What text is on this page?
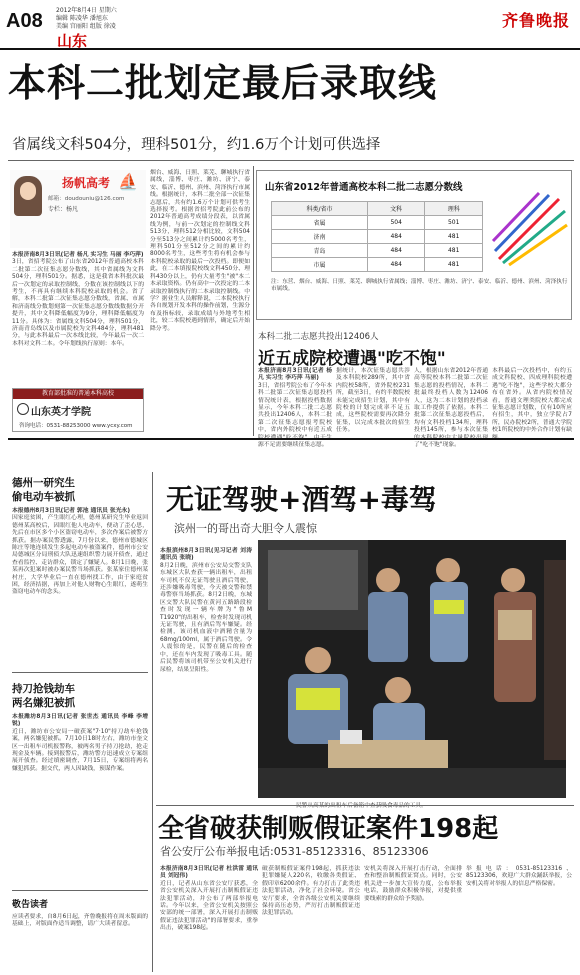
A08 2012年8月4日 星期六
编辑 陈凌华 潘旭东
美编 宫丽阳 组版 徐凌
山东
齐鲁晚报
本科二批划定最后录取线
省属线文科504分，理科501分，约1.6万个计划可供选择
扬帆高考 ⛵
邮箱：doudouniu@126.com
专栏：杨凡
本报济南8月3日讯(记者 杨凡 实习生 马丽 李巧萍)
3日，省招考院公布了山东省2012年普通高校本科二批第二次征集志愿分数线，其中省属线为文科504分，理科501分。据悉，这是我省本科批次最后一次划定的录取控制线，分数在该控制线以下的考生，不再具有继续本科院校录取的机会。省了解，本科二批第二次征集志愿分数线，省属、市属和济南线分数划刻第一次征集志愿分数线数据分开提升，其中文科降低幅度为9分，理科降低幅度为11分。具体为：省属线文科504分，理科501分，济南青岛线以及市属院校为文科484分，理科481分，与此本科最后一次本线比较，今年最后一次二本科对文科二本。令年划线执行原则：本年。
教育部批准的普通本科高校
山东英才学院
咨询电话：0531-88253000 www.ycxy.com
烟台、威海、日照、莱芜、聊城执行省属线，淄博、枣庄、潍坊、济宁、泰安、临沂、德州、滨州、菏泽执行市属线。根据统计，本科二批全部一次征集志愿后，共有约1.6万个计划可供考生选择报考。根据省招考院此前公布的2012年普通高考成绩分段表，以省属线为例，与前一次划定的控制线文科513分，理科512分相比较，文科504分至513分之间累计约5000名考生，理科501分至512分之间的累计约8000名考生，这些考生将有机会参与本科院校录取的最后一次投档。即便如此，在二本填报院校线文科450分、理科430分以上，仍有大量考生"被"本二本录取资格。仍有高中一次投定的二本录取控制线执行的二本录取控制线。中学？据业生人员解释说，二本院校执行各自规划开发本科的操作前划，生源分布及指标较，录取成绩与外地考生相比，较二本院校遇到情形，确定后开始降分考。
山东省2012年普通高校本科二批二志愿分数线
科类/省市	文科	理科
省属	504	501
济南	484	481
青岛	484	481
市属	484	481
注：东营、烟台、威海、日照、莱芜、聊城执行省属线；淄博、枣庄、潍坊、济宁、泰安、临沂、德州、滨州、菏泽执行市属线。
本科二批二志愿共投出12406人
近五成院校遭遇"吃不饱"
本报济南8月3日讯(记者 杨凡 实习生 李巧萍 马丽)
3日，省招考院公布了今年本科二批第二次征集志愿投档情况统计表，根据投档数据显示，今年本科二批二志愿共投出12406人，本科二批第二次征集志愿报考院校中，省内外院校中有近五成院校遭遇"吃不饱"，由于生源不足需要继续征集志愿。
据统计，本次征集志愿共涉及本科院校289所，其中省内院校58所，省外院校231所，截至3日，有约半数院校未能完成招生计划，其中有院校的计划完成率不足五成，这些院校需要再次降分征集，以完成本批次的招生任务。
人，根据山东省2012年普通高等院校本科二批第二次征集志愿的投档情况，本科二批最终投档人数为12406人，这为二本计划的投档录取工作提供了依据。本科二批第二次征集志愿投档后，均有文科投档134所，理科投档145所，参与本次征集的本科院校中大量院校出现了"吃不饱"现象。
本科最后一次投档中，有约五成文科院校、四成理科院校遭遇"吃不饱"，这些学校大都分布在省外。从省内院校情况看，普通文理类院校大都完成征集志愿计划数，仅有10所应有招生，其中，独立学院占7所，民办院校2所，普通大学院校1所院校的中外合作计划有缺额。
德州一研究生
偷电动车被抓
本报德州8月3日讯(记者 郭池 通讯员 张光永)
因家庭贫困，产生眼红心理，德州某研究生毕业返回德州某高校后，因眼红他人电动车，便动了歪心思，先后在市区多个小区盗窃电动车，多次作案后被警方抓获。据办案民警透露，7月份以来，德州市德城区陈庄等地连续发生多起电动车被盗案件，德州市公安局德城区分局刑侦大队迅速组织警力展开侦查，通过查看监控、走访群众，锁定了嫌疑人。8月1日晚，张某再次犯案时被办案民警当场抓获。张某家住德州某村庄，大学毕业后一直在德州找工作，由于家庭贫困，经济拮据，再加上对他人财物心生眼红，遂萌生盗窃电动车的念头。
持刀抢钱劫车
两名嫌犯被抓
本报潍坊8月3日讯(记者 张世杰 通讯员 李峰 李增锐)
近日，潍坊市公安局一破获案"7·10"持刀劫车抢钱案，两名嫌犯被抓。7月10日18时左右，潍坊市奎文区一出租车司机报警称，被两名男子持刀抢劫，抢走现金及车辆。接到报警后，潍坊警方迅速成立专案组展开侦查。经过缜密调查，7月15日，专案组将两名嫌犯抓获。据交代，两人因缺钱，预谋作案。
敬告读者
应读者要求，自8月6日起，齐鲁晚报将在周末版面的基础上，对版面作适当调整，请广大读者留意。
无证驾驶+酒驾+毒驾
滨州一的哥出奇大胆令人震惊
本报滨州8月3日讯(见习记者 刘涛 通讯员 张晓)
8月2日晚，滨州市公安局交警支队东城区大队查获一辆出租车，出租车司机不仅无证驾驶且酒后驾驶，还涉嫌吸毒驾驶，今天被交警和禁毒警察当场抓获。8月2日晚，东城区交警大队民警在黄河五路路段检查时发现一辆车牌为"鲁M T1920"的出租车，检查时发现司机无证驾驶，且有酒后驾车嫌疑。经检测，该司机血液中酒精含量为68mg/100ml，属于酒后驾驶。令人震惊的是，民警在随后的检查中，还在车内发现了吸毒工具。随后民警将该司机带至公安机关进行尿检，结果呈阳性。
民警从高某的出租车后备箱中查获吸食毒品的工具。
全省破获制贩假证案件198起
省公安厅公布举报电话:0531-85123316、85123306
本报济南8月3日讯(记者 杜洪雷 通讯员 刘冠伟)
近日，记者从山东省公安厅获悉，全省公安机关深入开展打击制贩假证违法犯罪活动，并公布了两部举报电话。今年以来，全省公安机关按照公安部的统一部署，深入开展打击制贩假证违法犯罪活动"的部署要求，重拳出击，破案198起。
破获制贩假证案件198起，抓获违法犯罪嫌疑人220名，收缴各类假证、假印章6200余件。有力打击了此类违法犯罪活动，净化了社会环境。省公安厅要求，全省各级公安机关要继续保持高压态势，严厉打击制贩假证违法犯罪活动。
安机关将深入开展打击行动，全面排查和整治制贩假证窝点。同时，公安机关进一步加大宣传力度，公布举报电话，鼓励群众积极举报，对提供重要线索的群众给予奖励。
举报电话：0531-85123316、85123306，欢迎广大群众踊跃举报，公安机关将对举报人的信息严格保密。
